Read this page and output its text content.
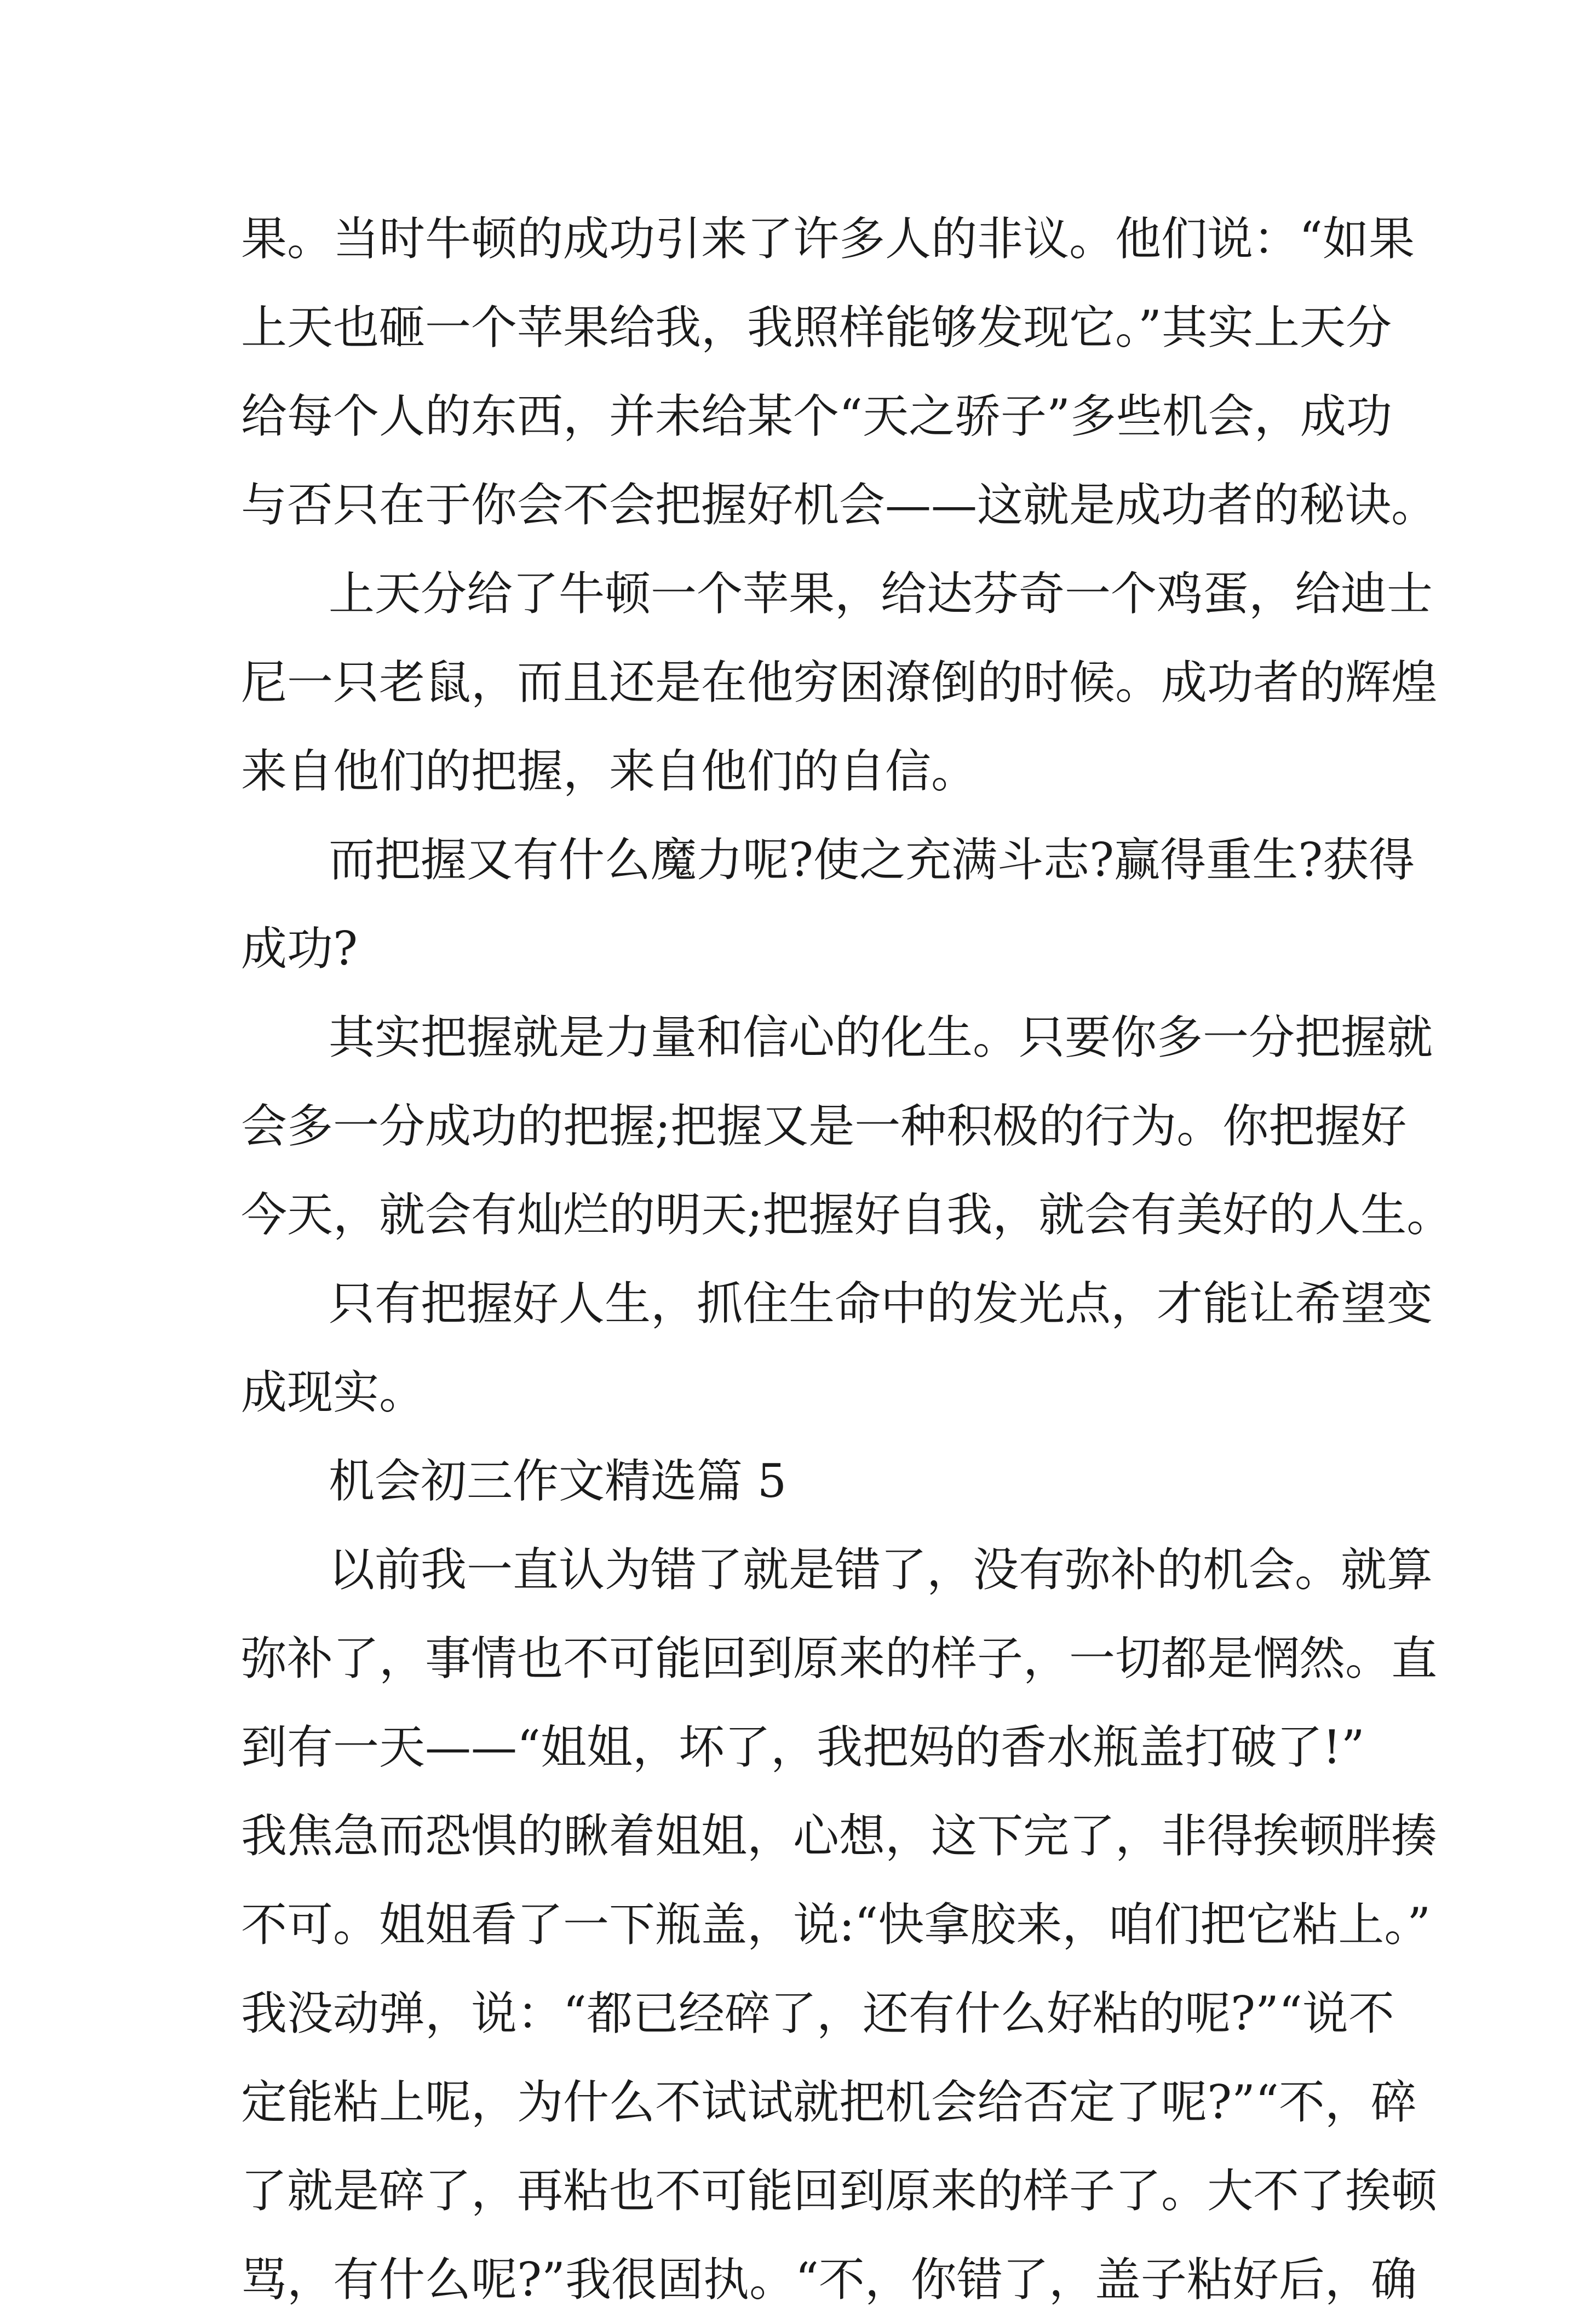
果。当时牛顿的成功引来了许多人的非议。他们说：“如果
上天也砸一个苹果给我，我照样能够发现它。”其实上天分
给每个人的东西，并未给某个“天之骄子”多些机会，成功
与否只在于你会不会把握好机会——这就是成功者的秘诀。
上天分给了牛顿一个苹果，给达芬奇一个鸡蛋，给迪士
尼一只老鼠，而且还是在他穷困潦倒的时候。成功者的辉煌
来自他们的把握，来自他们的自信。
而把握又有什么魔力呢?使之充满斗志?赢得重生?获得
成功?
其实把握就是力量和信心的化生。只要你多一分把握就
会多一分成功的把握;把握又是一种积极的行为。你把握好
今天，就会有灿烂的明天;把握好自我，就会有美好的人生。
只有把握好人生，抓住生命中的发光点，才能让希望变
成现实。
机会初三作文精选篇 5
以前我一直认为错了就是错了，没有弥补的机会。就算
弥补了，事情也不可能回到原来的样子，一切都是惘然。直
到有一天——“姐姐，坏了，我把妈的香水瓶盖打破了!”
我焦急而恐惧的瞅着姐姐，心想，这下完了，非得挨顿胖揍
不可。姐姐看了一下瓶盖，说:“快拿胶来，咱们把它粘上。”
我没动弹，说：“都已经碎了，还有什么好粘的呢?”“说不
定能粘上呢，为什么不试试就把机会给否定了呢?”“不，碎
了就是碎了，再粘也不可能回到原来的样子了。大不了挨顿
骂，有什么呢?”我很固执。“不，你错了，盖子粘好后，确
